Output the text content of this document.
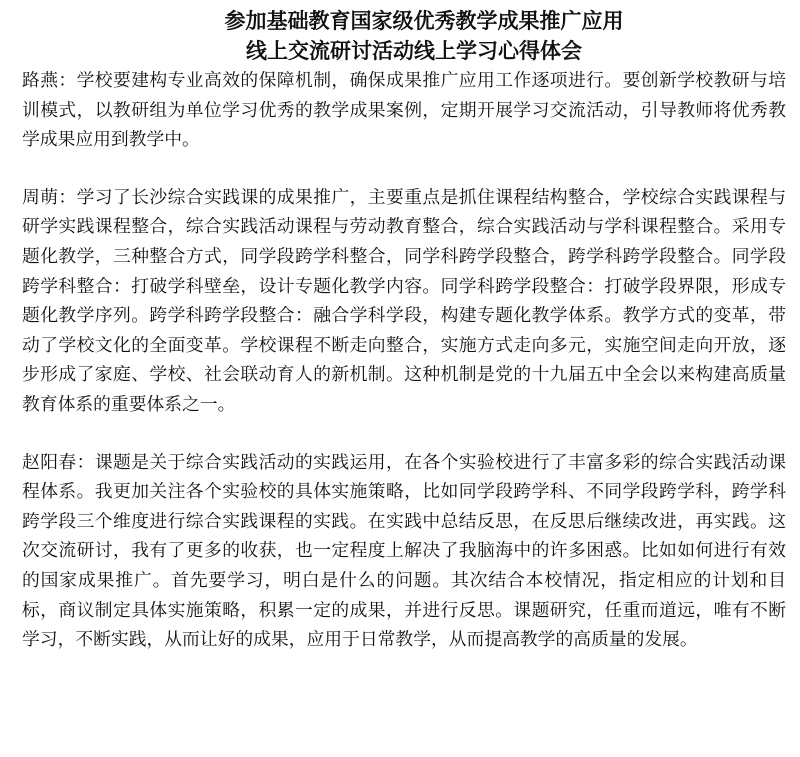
参加基础教育国家级优秀教学成果推广应用
线上交流研讨活动线上学习心得体会

路燕：学校要建构专业高效的保障机制，确保成果推广应用工作逐项进行。要创新学校教研与培训模式，以教研组为单位学习优秀的教学成果案例，定期开展学习交流活动，引导教师将优秀教学成果应用到教学中。

周萌：学习了长沙综合实践课的成果推广，主要重点是抓住课程结构整合，学校综合实践课程与研学实践课程整合，综合实践活动课程与劳动教育整合，综合实践活动与学科课程整合。采用专题化教学，三种整合方式，同学段跨学科整合，同学科跨学段整合，跨学科跨学段整合。同学段跨学科整合：打破学科壁垒，设计专题化教学内容。同学科跨学段整合：打破学段界限，形成专题化教学序列。跨学科跨学段整合：融合学科学段，构建专题化教学体系。教学方式的变革，带动了学校文化的全面变革。学校课程不断走向整合，实施方式走向多元，实施空间走向开放，逐步形成了家庭、学校、社会联动育人的新机制。这种机制是党的十九届五中全会以来构建高质量教育体系的重要体系之一。

赵阳春：课题是关于综合实践活动的实践运用，在各个实验校进行了丰富多彩的综合实践活动课程体系。我更加关注各个实验校的具体实施策略，比如同学段跨学科、不同学段跨学科，跨学科跨学段三个维度进行综合实践课程的实践。在实践中总结反思，在反思后继续改进，再实践。这次交流研讨，我有了更多的收获，也一定程度上解决了我脑海中的许多困惑。比如如何进行有效的国家成果推广。首先要学习，明白是什么的问题。其次结合本校情况，指定相应的计划和目标，商议制定具体实施策略，积累一定的成果，并进行反思。课题研究，任重而道远，唯有不断学习，不断实践，从而让好的成果，应用于日常教学，从而提高教学的高质量的发展。
